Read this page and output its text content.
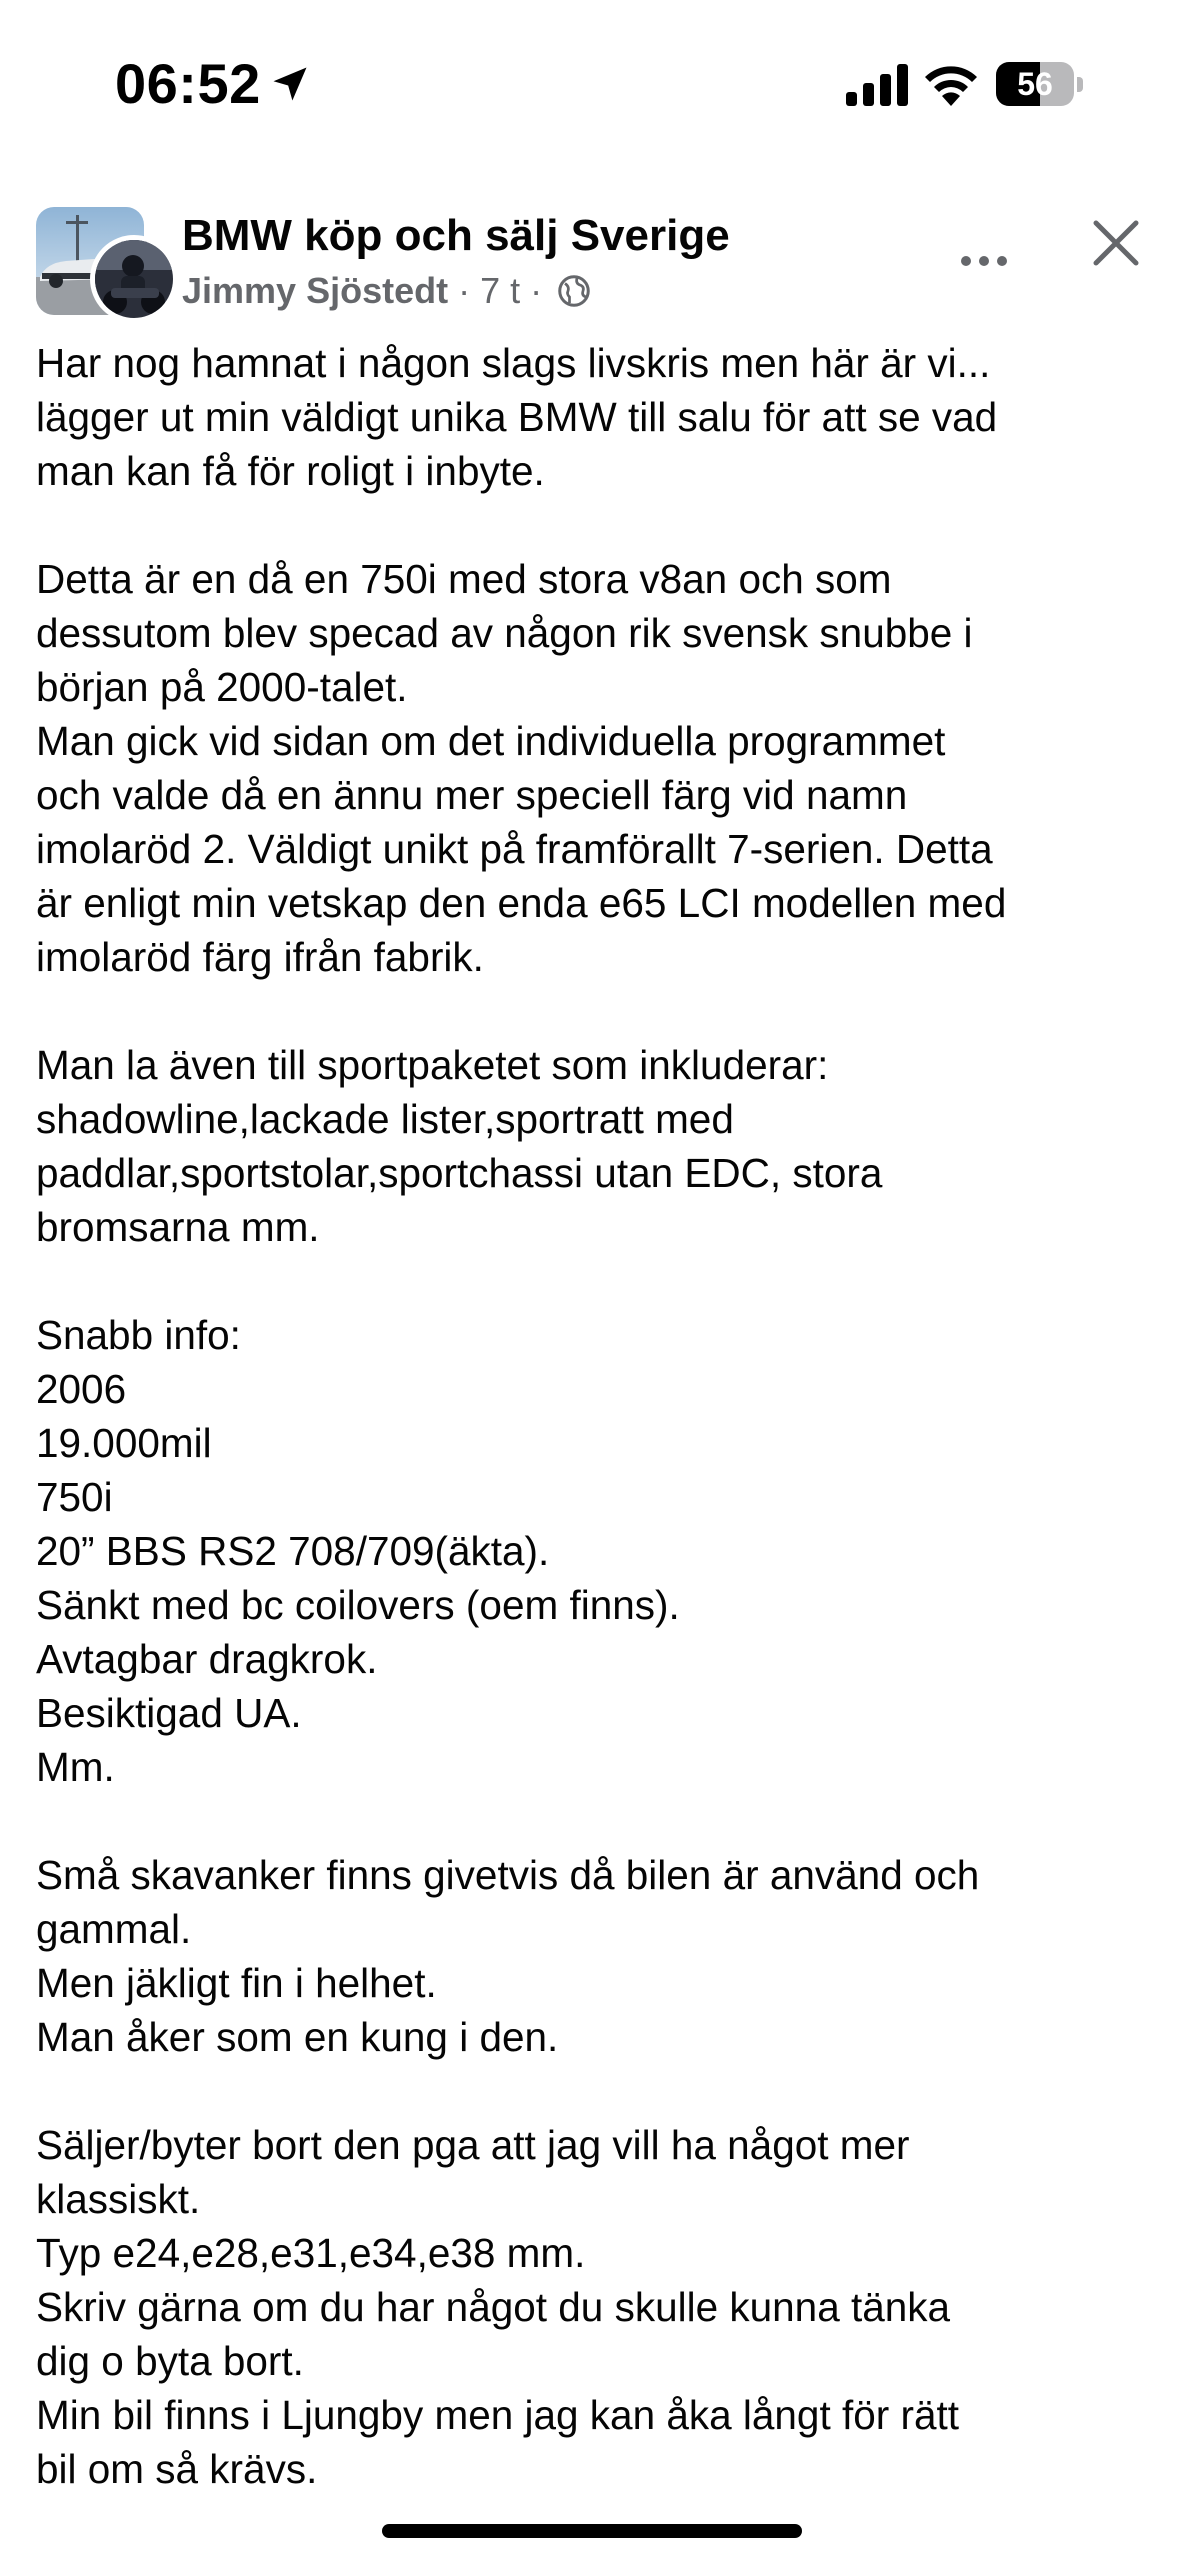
06:52	56
BMW köp och sälj Sverige
Jimmy Sjöstedt · 7 t ·
Har nog hamnat i någon slags livskris men här är vi...
lägger ut min väldigt unika BMW till salu för att se vad
man kan få för roligt i inbyte.
Detta är en då en 750i med stora v8an och som
dessutom blev specad av någon rik svensk snubbe i
början på 2000-talet.
Man gick vid sidan om det individuella programmet
och valde då en ännu mer speciell färg vid namn
imolaröd 2. Väldigt unikt på framförallt 7-serien. Detta
är enligt min vetskap den enda e65 LCI modellen med
imolaröd färg ifrån fabrik.
Man la även till sportpaketet som inkluderar:
shadowline,lackade lister,sportratt med
paddlar,sportstolar,sportchassi utan EDC, stora
bromsarna mm.
Snabb info:
2006
19.000mil
750i
20” BBS RS2 708/709(äkta).
Sänkt med bc coilovers (oem finns).
Avtagbar dragkrok.
Besiktigad UA.
Mm.
Små skavanker finns givetvis då bilen är använd och
gammal.
Men jäkligt fin i helhet.
Man åker som en kung i den.
Säljer/byter bort den pga att jag vill ha något mer
klassiskt.
Typ e24,e28,e31,e34,e38 mm.
Skriv gärna om du har något du skulle kunna tänka
dig o byta bort.
Min bil finns i Ljungby men jag kan åka långt för rätt
bil om så krävs.
